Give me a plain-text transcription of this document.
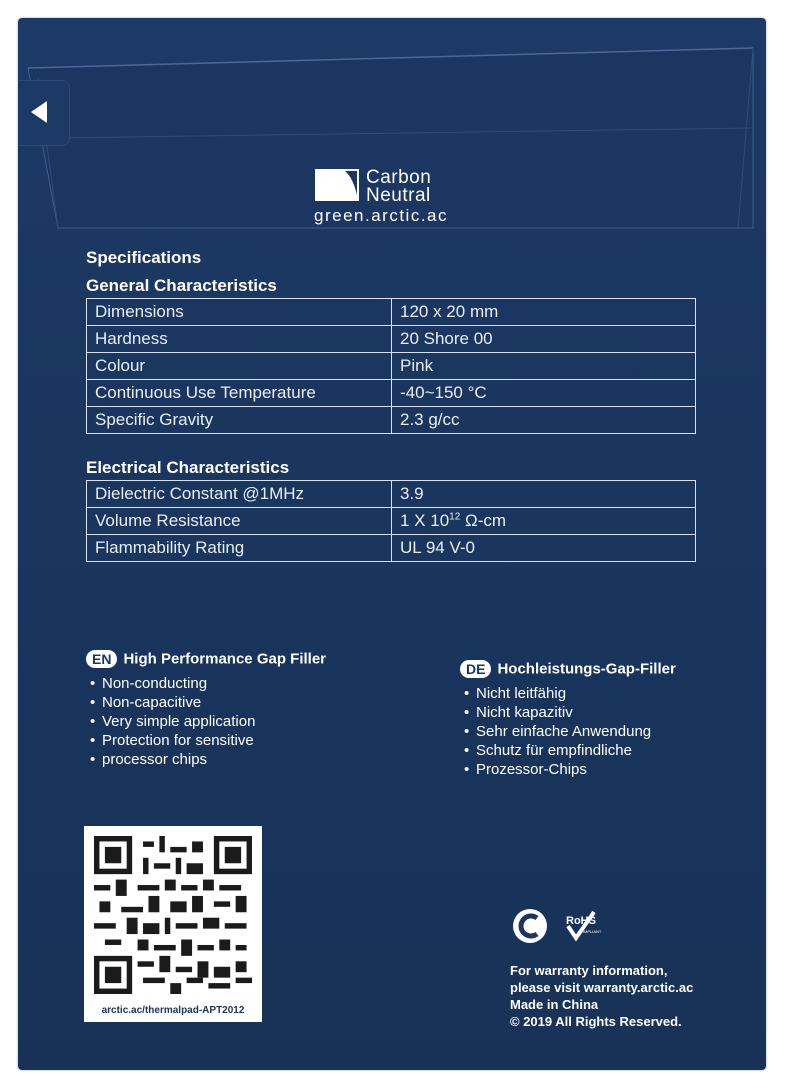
Carbon
Neutral
green.arctic.ac
Specifications
General Characteristics
Dimensions	120 x 20 mm
Hardness	20 Shore 00
Colour	Pink
Continuous Use Temperature	-40~150 °C
Specific Gravity	2.3 g/cc
Electrical Characteristics
Dielectric Constant @1MHz	3.9
Volume Resistance	1 X $10^{12}$ Ω-cm
Flammability Rating	UL 94 V-0
EN High Performance Gap Filler
• Non-conducting
• Non-capacitive
• Very simple application
• Protection for sensitive
• processor chips
DE Hochleistungs-Gap-Filler
• Nicht leitfähig
• Nicht kapazitiv
• Sehr einfache Anwendung
• Schutz für empfindliche
• Prozessor-Chips
arctic.ac/thermalpad-APT2012
RoHS
COMPLIANT
For warranty information,
please visit warranty.arctic.ac
Made in China
© 2019 All Rights Reserved.
